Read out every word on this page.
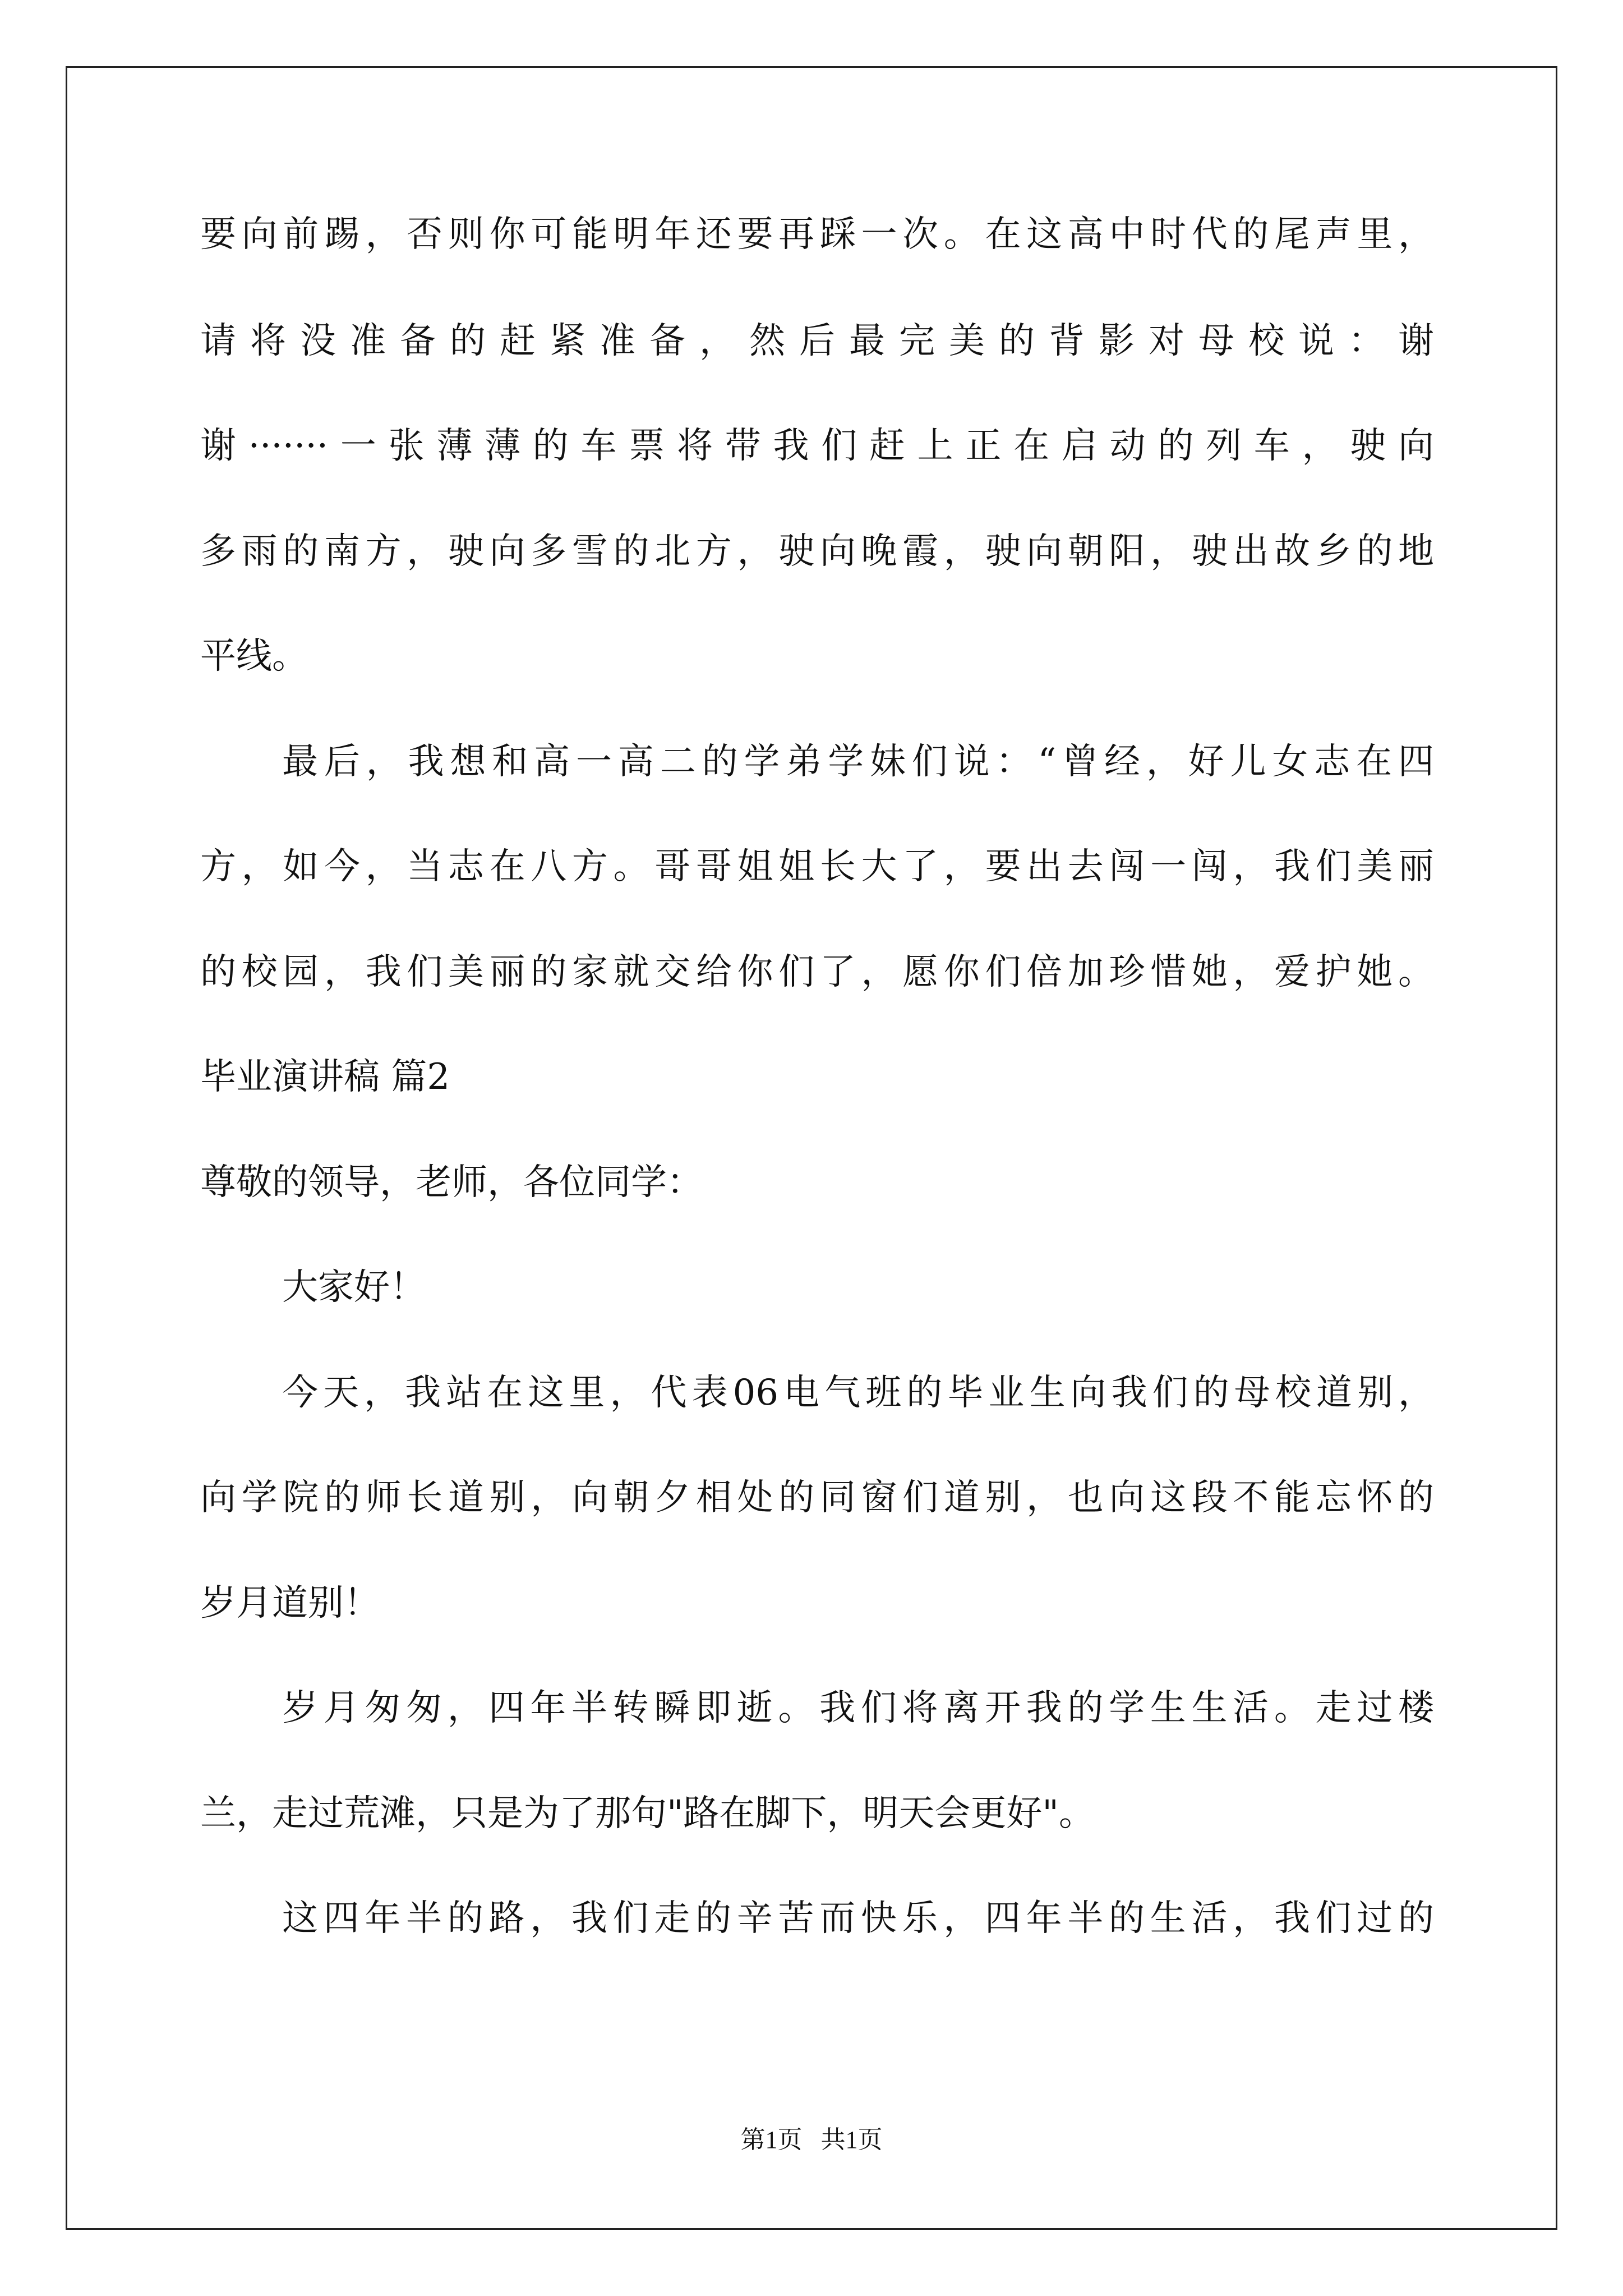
要向前踢，否则你可能明年还要再踩一次。在这高中时代的尾声里，
请将没准备的赶紧准备，然后最完美的背影对母校说：谢
谢·······一张薄薄的车票将带我们赶上正在启动的列车，驶向
多雨的南方，驶向多雪的北方，驶向晚霞，驶向朝阳，驶出故乡的地
平线。
最后，我想和高一高二的学弟学妹们说：“曾经，好儿女志在四
方，如今，当志在八方。哥哥姐姐长大了，要出去闯一闯，我们美丽
的校园，我们美丽的家就交给你们了，愿你们倍加珍惜她，爱护她。
毕业演讲稿 篇2
尊敬的领导，老师，各位同学：
大家好！
今天，我站在这里，代表06电气班的毕业生向我们的母校道别，
向学院的师长道别，向朝夕相处的同窗们道别，也向这段不能忘怀的
岁月道别！
岁月匆匆，四年半转瞬即逝。我们将离开我的学生生活。走过楼
兰，走过荒滩，只是为了那句"路在脚下，明天会更好"。
这四年半的路，我们走的辛苦而快乐，四年半的生活，我们过的
第1页   共1页
